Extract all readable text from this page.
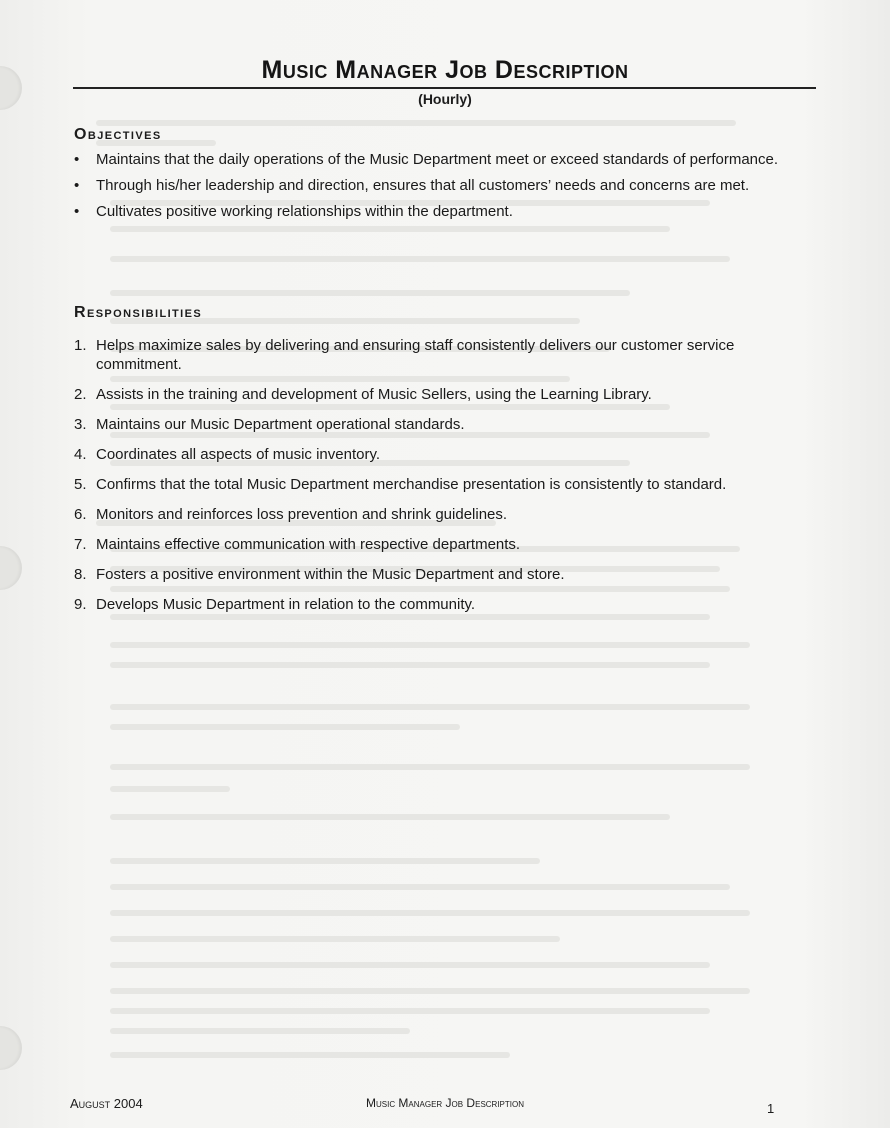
Music Manager Job Description
(Hourly)
Objectives
• Maintains that the daily operations of the Music Department meet or exceed standards of performance.
• Through his/her leadership and direction, ensures that all customers’ needs and concerns are met.
• Cultivates positive working relationships within the department.
Responsibilities
1. Helps maximize sales by delivering and ensuring staff consistently delivers our customer service commitment.
2. Assists in the training and development of Music Sellers, using the Learning Library.
3. Maintains our Music Department operational standards.
4. Coordinates all aspects of music inventory.
5. Confirms that the total Music Department merchandise presentation is consistently to standard.
6. Monitors and reinforces loss prevention and shrink guidelines.
7. Maintains effective communication with respective departments.
8. Fosters a positive environment within the Music Department and store.
9. Develops Music Department in relation to the community.
August 2004	Music Manager Job Description	1
